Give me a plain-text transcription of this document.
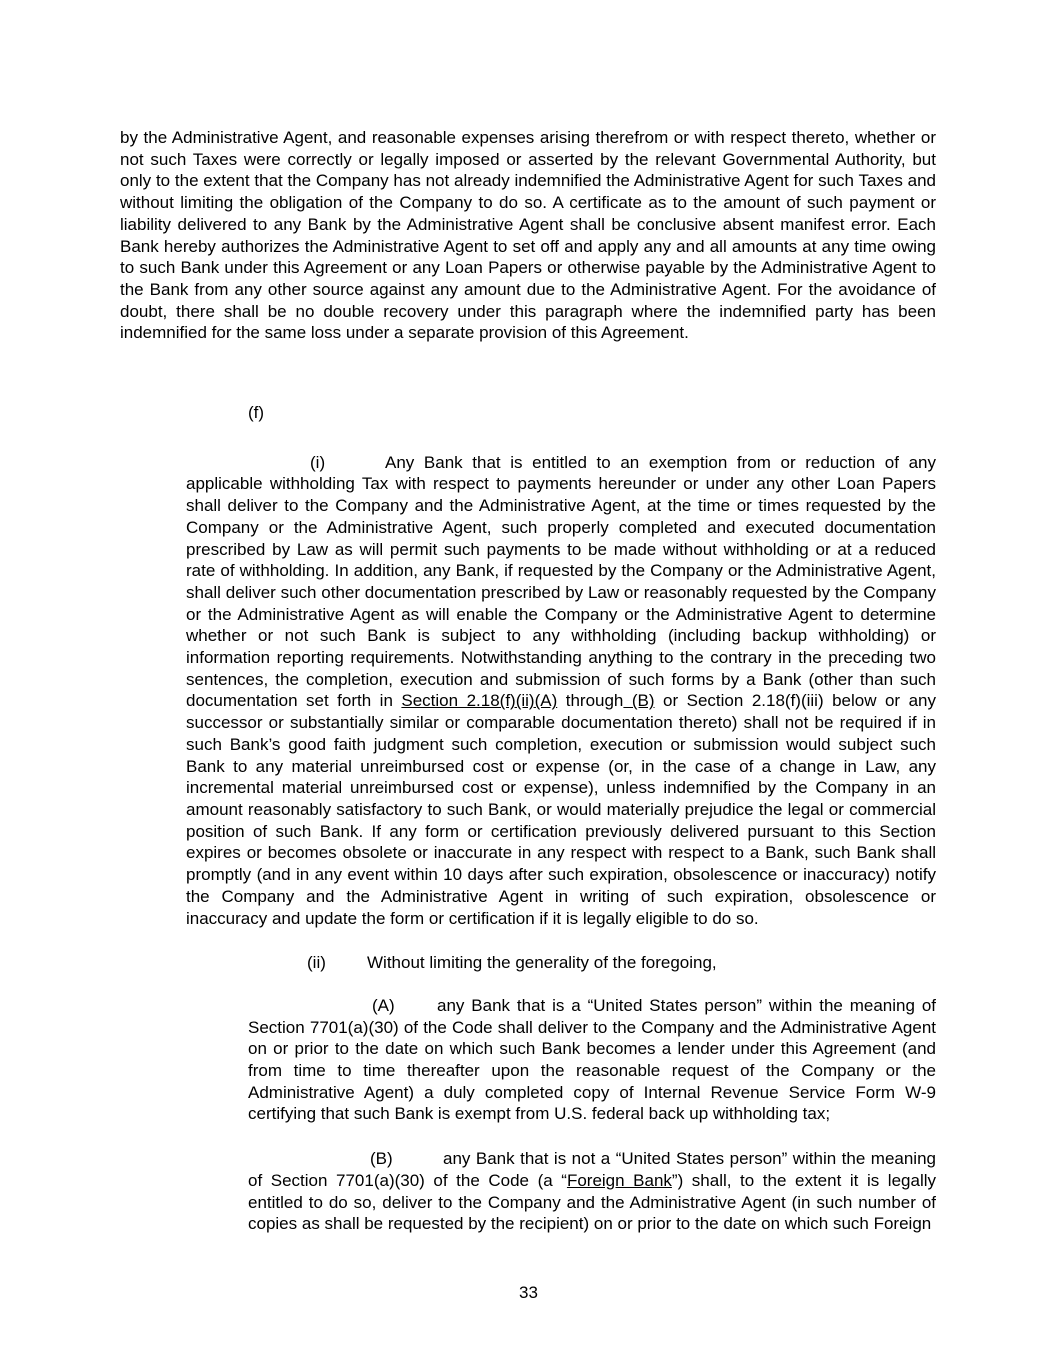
by the Administrative Agent, and reasonable expenses arising therefrom or with respect thereto, whether or not such Taxes were correctly or legally imposed or asserted by the relevant Governmental Authority, but only to the extent that the Company has not already indemnified the Administrative Agent for such Taxes and without limiting the obligation of the Company to do so. A certificate as to the amount of such payment or liability delivered to any Bank by the Administrative Agent shall be conclusive absent manifest error. Each Bank hereby authorizes the Administrative Agent to set off and apply any and all amounts at any time owing to such Bank under this Agreement or any Loan Papers or otherwise payable by the Administrative Agent to the Bank from any other source against any amount due to the Administrative Agent. For the avoidance of doubt, there shall be no double recovery under this paragraph where the indemnified party has been indemnified for the same loss under a separate provision of this Agreement.

(f)

(i)	Any Bank that is entitled to an exemption from or reduction of any applicable withholding Tax with respect to payments hereunder or under any other Loan Papers shall deliver to the Company and the Administrative Agent, at the time or times requested by the Company or the Administrative Agent, such properly completed and executed documentation prescribed by Law as will permit such payments to be made without withholding or at a reduced rate of withholding. In addition, any Bank, if requested by the Company or the Administrative Agent, shall deliver such other documentation prescribed by Law or reasonably requested by the Company or the Administrative Agent as will enable the Company or the Administrative Agent to determine whether or not such Bank is subject to any withholding (including backup withholding) or information reporting requirements. Notwithstanding anything to the contrary in the preceding two sentences, the completion, execution and submission of such forms by a Bank (other than such documentation set forth in Section 2.18(f)(ii)(A) through (B) or Section 2.18(f)(iii) below or any successor or substantially similar or comparable documentation thereto) shall not be required if in such Bank’s good faith judgment such completion, execution or submission would subject such Bank to any material unreimbursed cost or expense (or, in the case of a change in Law, any incremental material unreimbursed cost or expense), unless indemnified by the Company in an amount reasonably satisfactory to such Bank, or would materially prejudice the legal or commercial position of such Bank. If any form or certification previously delivered pursuant to this Section expires or becomes obsolete or inaccurate in any respect with respect to a Bank, such Bank shall promptly (and in any event within 10 days after such expiration, obsolescence or inaccuracy) notify the Company and the Administrative Agent in writing of such expiration, obsolescence or inaccuracy and update the form or certification if it is legally eligible to do so.

(ii) Without limiting the generality of the foregoing,

(A) any Bank that is a “United States person” within the meaning of Section 7701(a)(30) of the Code shall deliver to the Company and the Administrative Agent on or prior to the date on which such Bank becomes a lender under this Agreement (and from time to time thereafter upon the reasonable request of the Company or the Administrative Agent) a duly completed copy of Internal Revenue Service Form W-9 certifying that such Bank is exempt from U.S. federal back up withholding tax;

(B)	any Bank that is not a “United States person” within the meaning of Section 7701(a)(30) of the Code (a “Foreign Bank”) shall, to the extent it is legally entitled to do so, deliver to the Company and the Administrative Agent (in such number of copies as shall be requested by the recipient) on or prior to the date on which such Foreign

33
